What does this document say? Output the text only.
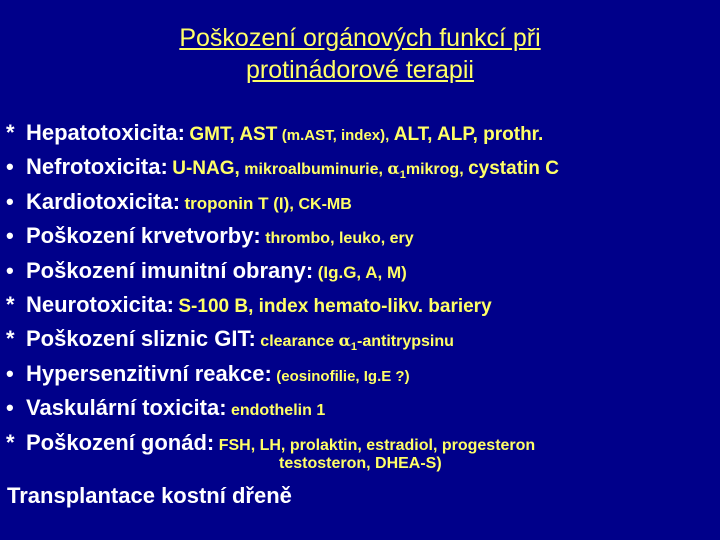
Poškození orgánových funkcí při
protinádorové terapii
* Hepatotoxicita: GMT, AST (m.AST, index), ALT, ALP, prothr.
• Nefrotoxicita: U-NAG, mikroalbuminurie, $\alpha_1mikrog$, cystatin C
• Kardiotoxicita: troponin T (I), CK-MB
• Poškození krvetvorby: thrombo, leuko, ery
• Poškození imunitní obrany: (Ig.G, A, M)
* Neurotoxicita: S-100 B, index hemato-likv. bariery
* Poškození sliznic GIT: clearance $\alpha_1$-antitrypsinu
• Hypersenzitivní reakce: (eosinofilie, Ig.E ?)
• Vaskulární toxicita: endothelin 1
* Poškození gonád: FSH, LH, prolaktin, estradiol, progesteron
testosteron, DHEA-S)
Transplantace kostní dřeně
